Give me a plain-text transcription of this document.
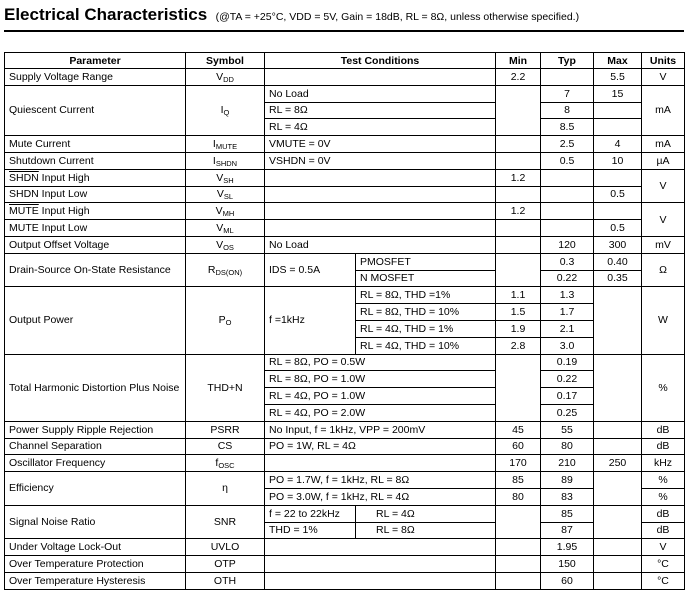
Electrical Characteristics (@TA = +25°C, VDD = 5V, Gain = 18dB, RL = 8Ω, unless otherwise specified.)
Parameter	Symbol	Test Conditions		Min	Typ	Max	Units
Supply Voltage Range	$V_{DD}$			2.2		5.5	V
Quiescent Current	$I_Q$	No Load			7	15	mA
		RL = 8Ω			8		
		RL = 4Ω			8.5		
Mute Current	$I_{MUTE}$	VMUTE = 0V			2.5	4	mA
Shutdown Current	$I_{SHDN}$	VSHDN = 0V			0.5	10	µA
SHDN Input High	$V_{SH}$			1.2			V
SHDN Input Low	$V_{SL}$					0.5	
MUTE Input High	$V_{MH}$			1.2			V
MUTE Input Low	$V_{ML}$					0.5	
Output Offset Voltage	$V_{OS}$	No Load			120	300	mV
Drain-Source On-State Resistance	$R_{DS(ON)}$	IDS = 0.5A	PMOSFET		0.3	0.40	Ω
			N MOSFET		0.22	0.35	
Output Power	$P_O$	f =1kHz	RL = 8Ω, THD =1%	1.1	1.3		W
			RL = 8Ω, THD = 10%	1.5	1.7		
			RL = 4Ω, THD = 1%	1.9	2.1		
			RL = 4Ω, THD = 10%	2.8	3.0		
Total Harmonic Distortion Plus Noise	THD+N	RL = 8Ω, PO = 0.5W			0.19		%
		RL = 8Ω, PO = 1.0W			0.22		
		RL = 4Ω, PO = 1.0W			0.17		
		RL = 4Ω, PO = 2.0W			0.25		
Power Supply Ripple Rejection	PSRR	No Input, f = 1kHz, VPP = 200mV		45	55		dB
Channel Separation	CS	PO = 1W, RL = 4Ω		60	80		dB
Oscillator Frequency	$f_{OSC}$			170	210	250	kHz
Efficiency	η	PO = 1.7W, f = 1kHz, RL = 8Ω		85	89		%
		PO = 3.0W, f = 1kHz, RL = 4Ω		80	83		%
Signal Noise Ratio	SNR	f = 22 to 22kHz	RL = 4Ω		85		dB
		THD = 1%	RL = 8Ω		87		dB
Under Voltage Lock-Out	UVLO				1.95		V
Over Temperature Protection	OTP				150		°C
Over Temperature Hysteresis	OTH				60		°C
